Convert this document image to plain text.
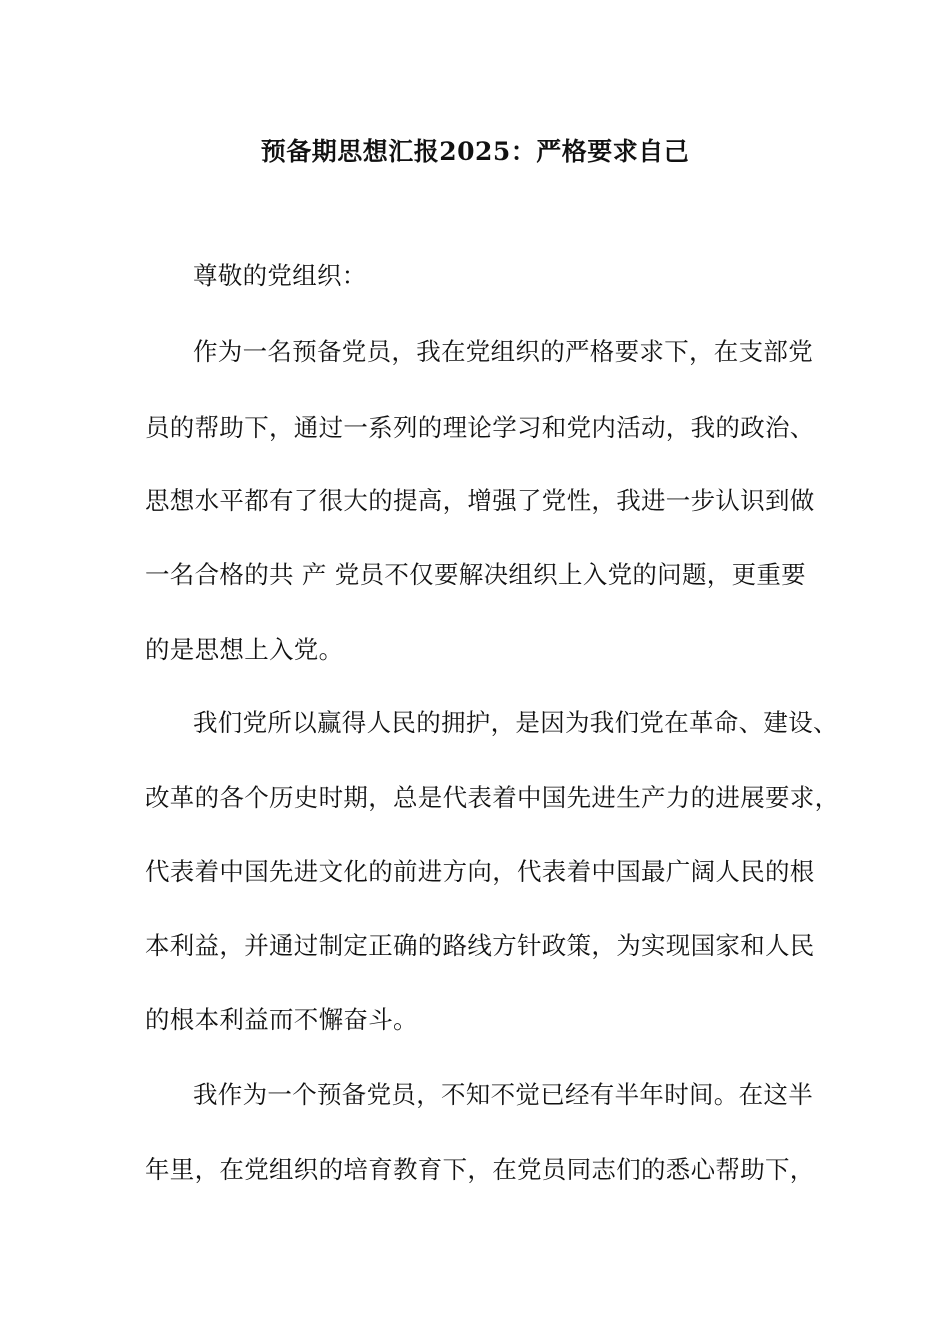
预备期思想汇报2025：严格要求自己
尊敬的党组织：
作为一名预备党员，我在党组织的严格要求下，在支部党
员的帮助下，通过一系列的理论学习和党内活动，我的政治、
思想水平都有了很大的提高，增强了党性，我进一步认识到做
一名合格的共 产 党员不仅要解决组织上入党的问题，更重要
的是思想上入党。
我们党所以赢得人民的拥护，是因为我们党在革命、建设、
改革的各个历史时期，总是代表着中国先进生产力的进展要求，
代表着中国先进文化的前进方向，代表着中国最广阔人民的根
本利益，并通过制定正确的路线方针政策，为实现国家和人民
的根本利益而不懈奋斗。
我作为一个预备党员，不知不觉已经有半年时间。在这半
年里，在党组织的培育教育下，在党员同志们的悉心帮助下，
